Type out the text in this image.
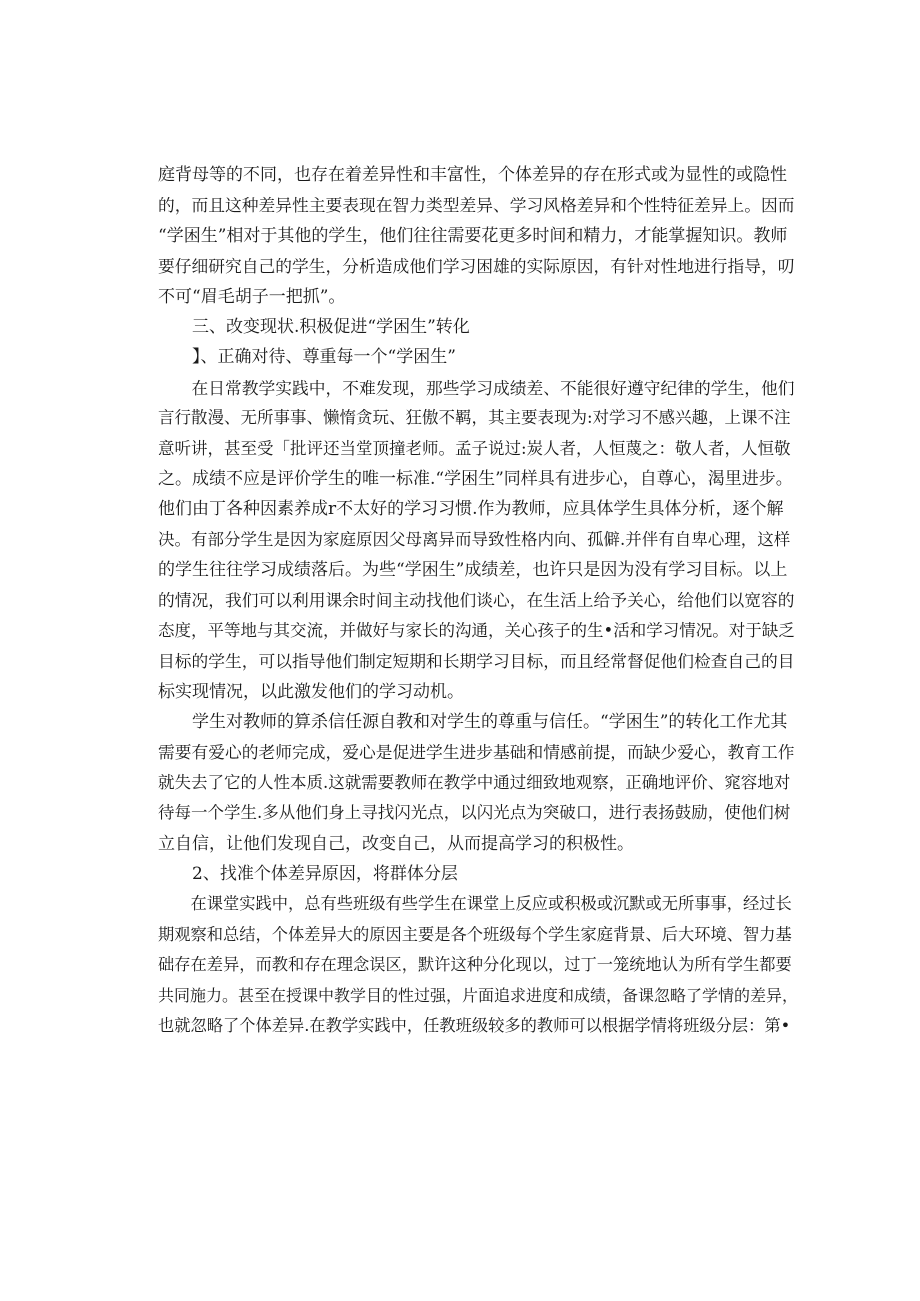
庭背母等的不同，也存在着差异性和丰富性，个体差异的存在形式或为显性的或隐性
的，而且这种差异性主要表现在智力类型差异、学习风格差异和个性特征差异上。因而
“学困生”相对于其他的学生，他们往往需要花更多时间和精力，才能掌握知识。教师
要仔细研究自己的学生，分析造成他们学习困雄的实际原因，有针对性地进行指导，叨
不可“眉毛胡子一把抓”。
　　三、改变现状.积极促进“学困生”转化
　　】、正确对待、尊重每一个“学困生”
　　在日常教学实践中，不难发现，那些学习成绩差、不能很好遵守纪律的学生，他们
言行散漫、无所事事、懒惰贪玩、狂傲不羁，其主要表现为:对学习不感兴趣，上课不注
意听讲，甚至受「批评还当堂顶撞老师。孟子说过:炭人者，人恒蔑之：敬人者，人恒敬
之。成绩不应是评价学生的唯一标准.“学困生”同样具有进步心，自尊心，渴里进步。
他们由丁各种因素养成r不太好的学习习惯.作为教师，应具体学生具体分析，逐个解
决。有部分学生是因为家庭原因父母离异而导致性格内向、孤僻.并伴有自卑心理，这样
的学生往往学习成绩落后。为些“学困生”成绩差，也许只是因为没有学习目标。以上
的情况，我们可以利用课余时间主动找他们谈心，在生活上给予关心，给他们以宽容的
态度，平等地与其交流，并做好与家长的沟通，关心孩子的生•活和学习情况。对于缺乏
目标的学生，可以指导他们制定短期和长期学习目标，而且经常督促他们检查自己的目
标实现情况，以此激发他们的学习动机。
　　学生对教师的算杀信任源自教和对学生的尊重与信任。“学困生”的转化工作尤其
需要有爱心的老师完成，爱心是促进学生进步基础和情感前提，而缺少爱心，教育工作
就失去了它的人性本质.这就需要教师在教学中通过细致地观察，正确地评价、窕容地对
待每一个学生.多从他们身上寻找闪光点，以闪光点为突破口，进行表扬鼓励，使他们树
立自信，让他们发现自己，改变自己，从而提高学习的积极性。
　　2、找准个体差异原因，将群体分层
　　在课堂实践中，总有些班级有些学生在课堂上反应或积极或沉默或无所事事，经过长
期观察和总结，个体差异大的原因主要是各个班级每个学生家庭背景、后大环境、智力基
础存在差异，而教和存在理念误区，默许这种分化现以，过丁一笼统地认为所有学生都要
共同施力。甚至在授课中教学目的性过强，片面追求进度和成绩，备课忽略了学情的差异，
也就忽略了个体差异.在教学实践中，任教班级较多的教师可以根据学情将班级分层：第•
